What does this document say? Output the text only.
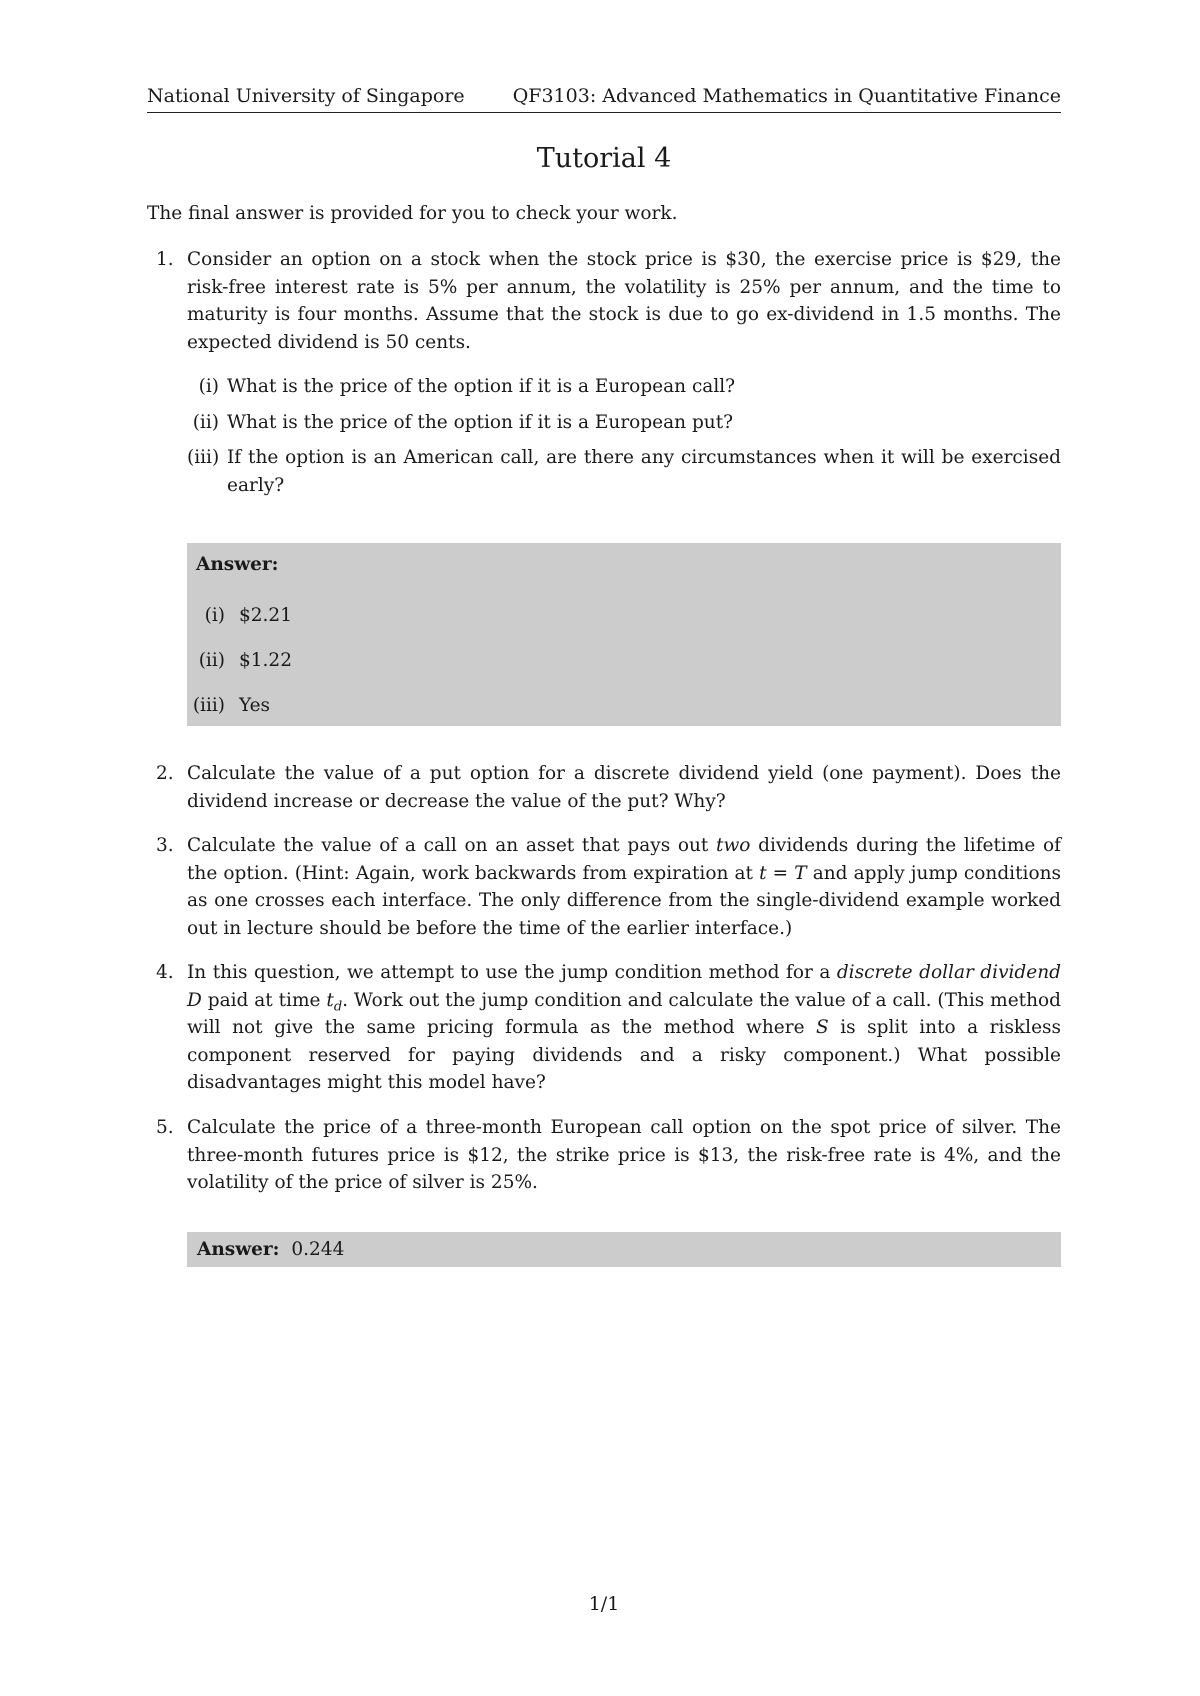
National University of Singapore	QF3103: Advanced Mathematics in Quantitative Finance
Tutorial 4
The final answer is provided for you to check your work.
1. Consider an option on a stock when the stock price is $30, the exercise price is $29, the risk-free interest rate is 5% per annum, the volatility is 25% per annum, and the time to maturity is four months. Assume that the stock is due to go ex-dividend in 1.5 months. The expected dividend is 50 cents.
(i) What is the price of the option if it is a European call?
(ii) What is the price of the option if it is a European put?
(iii) If the option is an American call, are there any circumstances when it will be exercised early?
Answer:
(i) $2.21
(ii) $1.22
(iii) Yes
2. Calculate the value of a put option for a discrete dividend yield (one payment). Does the dividend increase or decrease the value of the put? Why?
3. Calculate the value of a call on an asset that pays out two dividends during the lifetime of the option. (Hint: Again, work backwards from expiration at t = T and apply jump conditions as one crosses each interface. The only difference from the single-dividend example worked out in lecture should be before the time of the earlier interface.)
4. In this question, we attempt to use the jump condition method for a discrete dollar dividend D paid at time $t_d$. Work out the jump condition and calculate the value of a call. (This method will not give the same pricing formula as the method where S is split into a riskless component reserved for paying dividends and a risky component.) What possible disadvantages might this model have?
5. Calculate the price of a three-month European call option on the spot price of silver. The three-month futures price is $12, the strike price is $13, the risk-free rate is 4%, and the volatility of the price of silver is 25%.
Answer: 0.244
1/1
